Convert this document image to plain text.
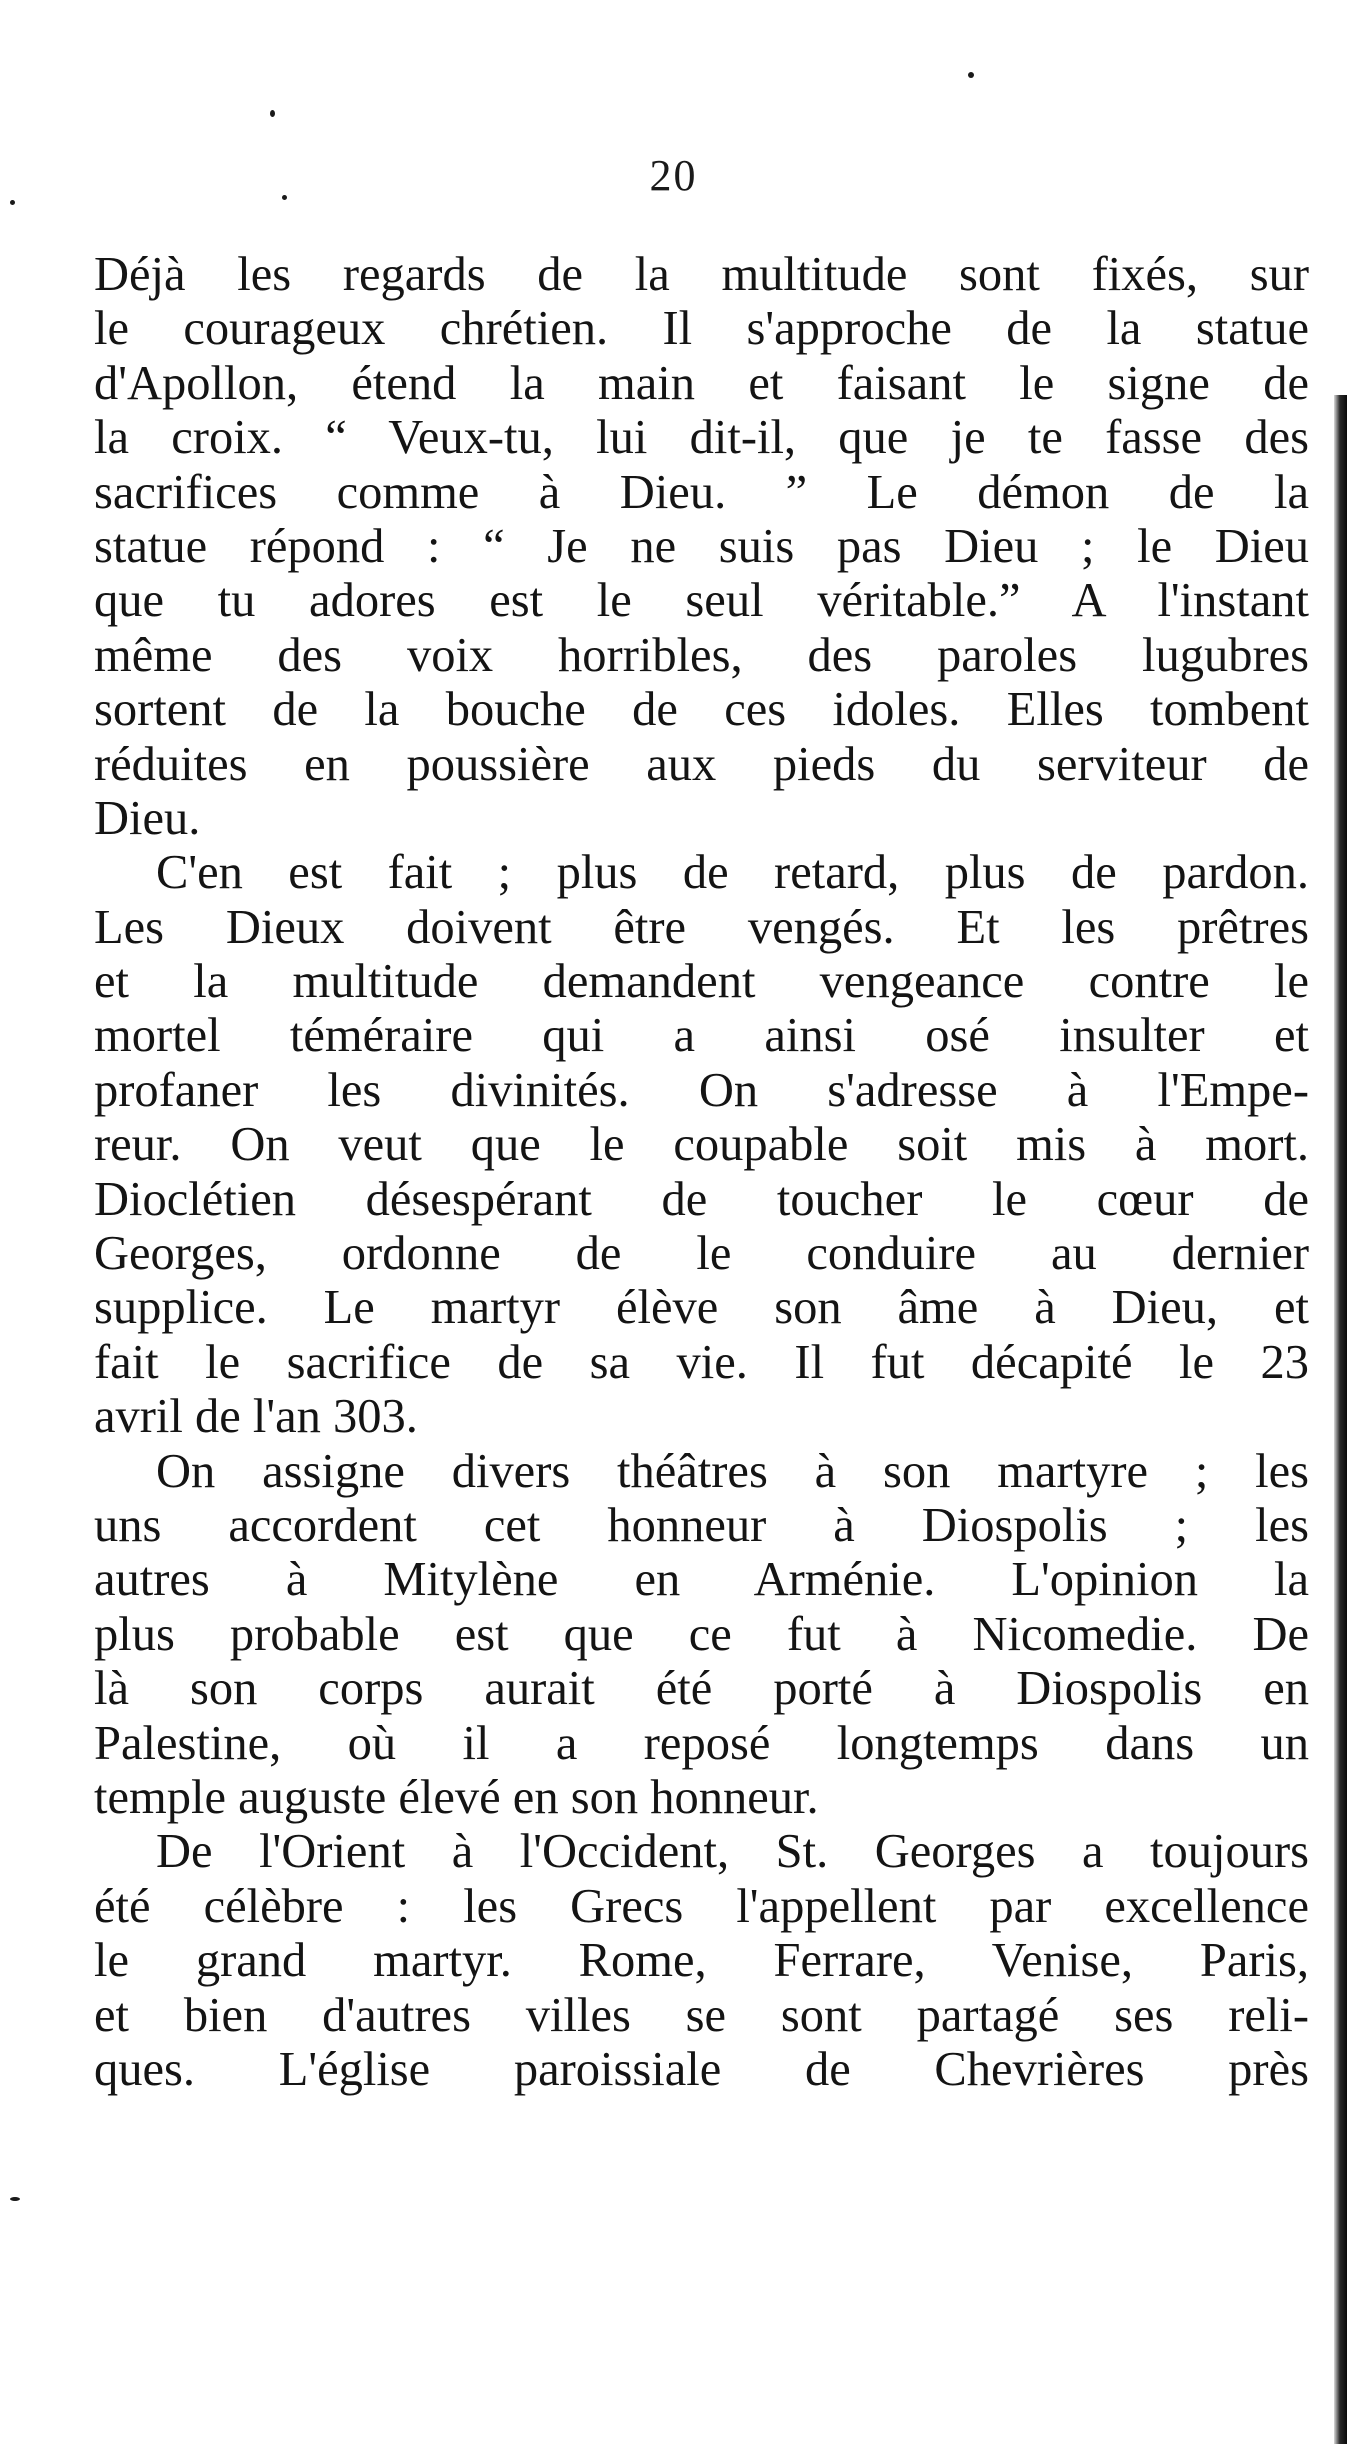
20
Déjà les regards de la multitude sont fixés, sur
le courageux chrétien. Il s'approche de la statue
d'Apollon, étend la main et faisant le signe de
la croix. “ Veux-tu, lui dit-il, que je te fasse des
sacrifices comme à Dieu. ” Le démon de la
statue répond : “ Je ne suis pas Dieu ; le Dieu
que tu adores est le seul véritable.” A l'instant
même des voix horribles, des paroles lugubres
sortent de la bouche de ces idoles. Elles tombent
réduites en poussière aux pieds du serviteur de
Dieu.
C'en est fait ; plus de retard, plus de pardon.
Les Dieux doivent être vengés. Et les prêtres
et la multitude demandent vengeance contre le
mortel téméraire qui a ainsi osé insulter et
profaner les divinités. On s'adresse à l'Empe-
reur. On veut que le coupable soit mis à mort.
Dioclétien désespérant de toucher le cœur de
Georges, ordonne de le conduire au dernier
supplice. Le martyr élève son âme à Dieu, et
fait le sacrifice de sa vie. Il fut décapité le 23
avril de l'an 303.
On assigne divers théâtres à son martyre ; les
uns accordent cet honneur à Diospolis ; les
autres à Mitylène en Arménie. L'opinion la
plus probable est que ce fut à Nicomedie. De
là son corps aurait été porté à Diospolis en
Palestine, où il a reposé longtemps dans un
temple auguste élevé en son honneur.
De l'Orient à l'Occident, St. Georges a toujours
été célèbre : les Grecs l'appellent par excellence
le grand martyr. Rome, Ferrare, Venise, Paris,
et bien d'autres villes se sont partagé ses reli-
ques. L'église paroissiale de Chevrières près
